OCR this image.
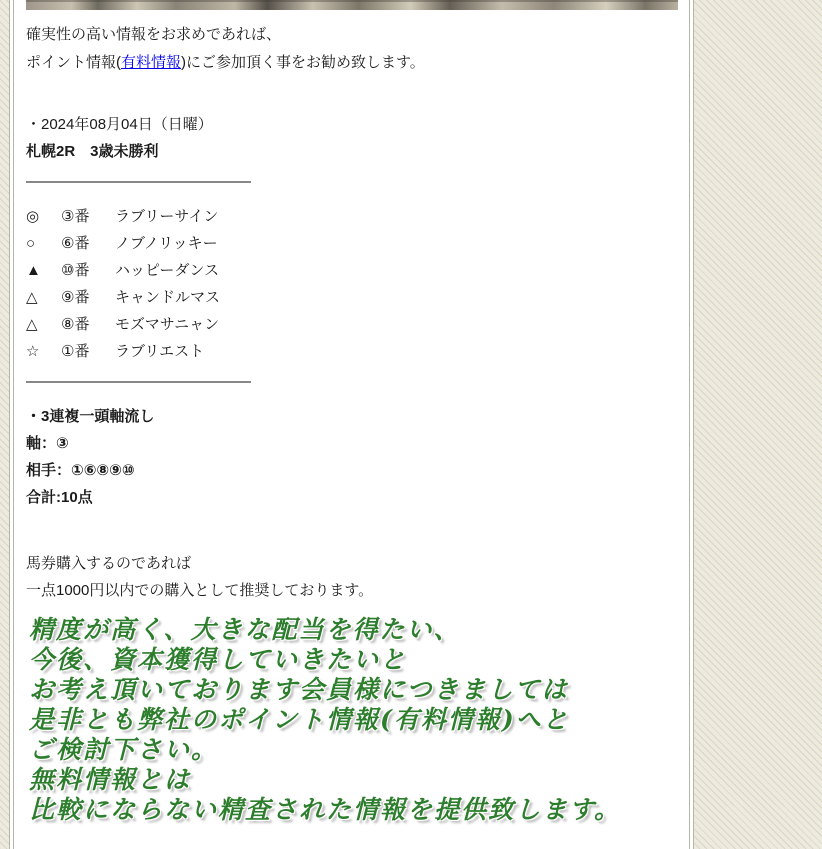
確実性の高い情報をお求めであれば、
ポイント情報(有料情報)にご参加頂く事をお勧め致します。

・2024年08月04日（日曜）

札幌2R　3歳未勝利

―――――――――――――――
◎ ③番 ラブリーサイン
○ ⑥番 ノブノリッキー
▲ ⑩番 ハッピーダンス
△ ⑨番 キャンドルマス
△ ⑧番 モズマサニャン
☆ ①番 ラブリエスト
―――――――――――――――

・3連複一頭軸流し

軸：③

相手：①⑥⑧⑨⑩

合計:10点

馬券購入するのであれば
一点1000円以内での購入として推奨しております。

精度が高く、大きな配当を得たい、
今後、資本獲得していきたいと
お考え頂いております会員様につきましては
是非とも弊社のポイント情報(有料情報)へと
ご検討下さい。
無料情報とは
比較にならない精査された情報を提供致します。
